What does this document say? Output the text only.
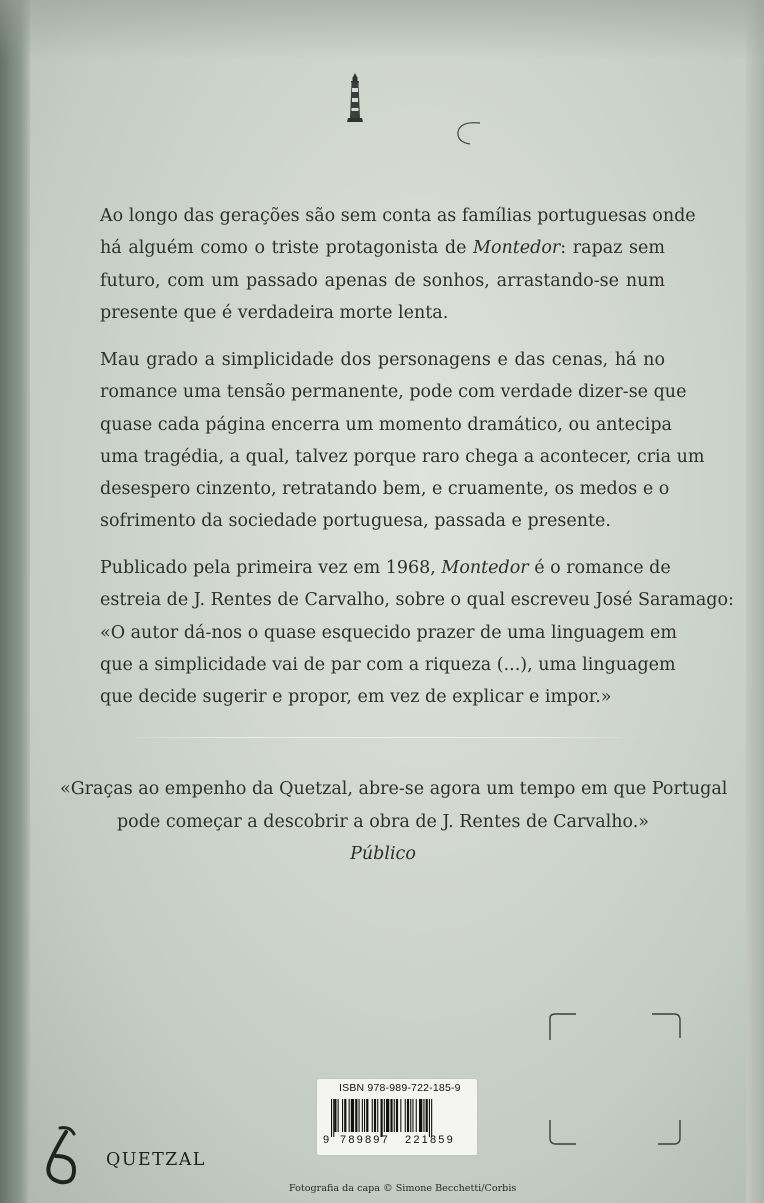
Ao longo das gerações são sem conta as famílias portuguesas onde
há alguém como o triste protagonista de Montedor: rapaz sem
futuro, com um passado apenas de sonhos, arrastando-se num
presente que é verdadeira morte lenta.
Mau grado a simplicidade dos personagens e das cenas, há no
romance uma tensão permanente, pode com verdade dizer-se que
quase cada página encerra um momento dramático, ou antecipa
uma tragédia, a qual, talvez porque raro chega a acontecer, cria um
desespero cinzento, retratando bem, e cruamente, os medos e o
sofrimento da sociedade portuguesa, passada e presente.
Publicado pela primeira vez em 1968, Montedor é o romance de
estreia de J. Rentes de Carvalho, sobre o qual escreveu José Saramago:
«O autor dá-nos o quase esquecido prazer de uma linguagem em
que a simplicidade vai de par com a riqueza (...), uma linguagem
que decide sugerir e propor, em vez de explicar e impor.»
«Graças ao empenho da Quetzal, abre-se agora um tempo em que Portugal
pode começar a descobrir a obra de J. Rentes de Carvalho.»
Público
ISBN 978-989-722-185-9
9 789897 221859
QUETZAL
Fotografia da capa © Simone Becchetti/Corbis
